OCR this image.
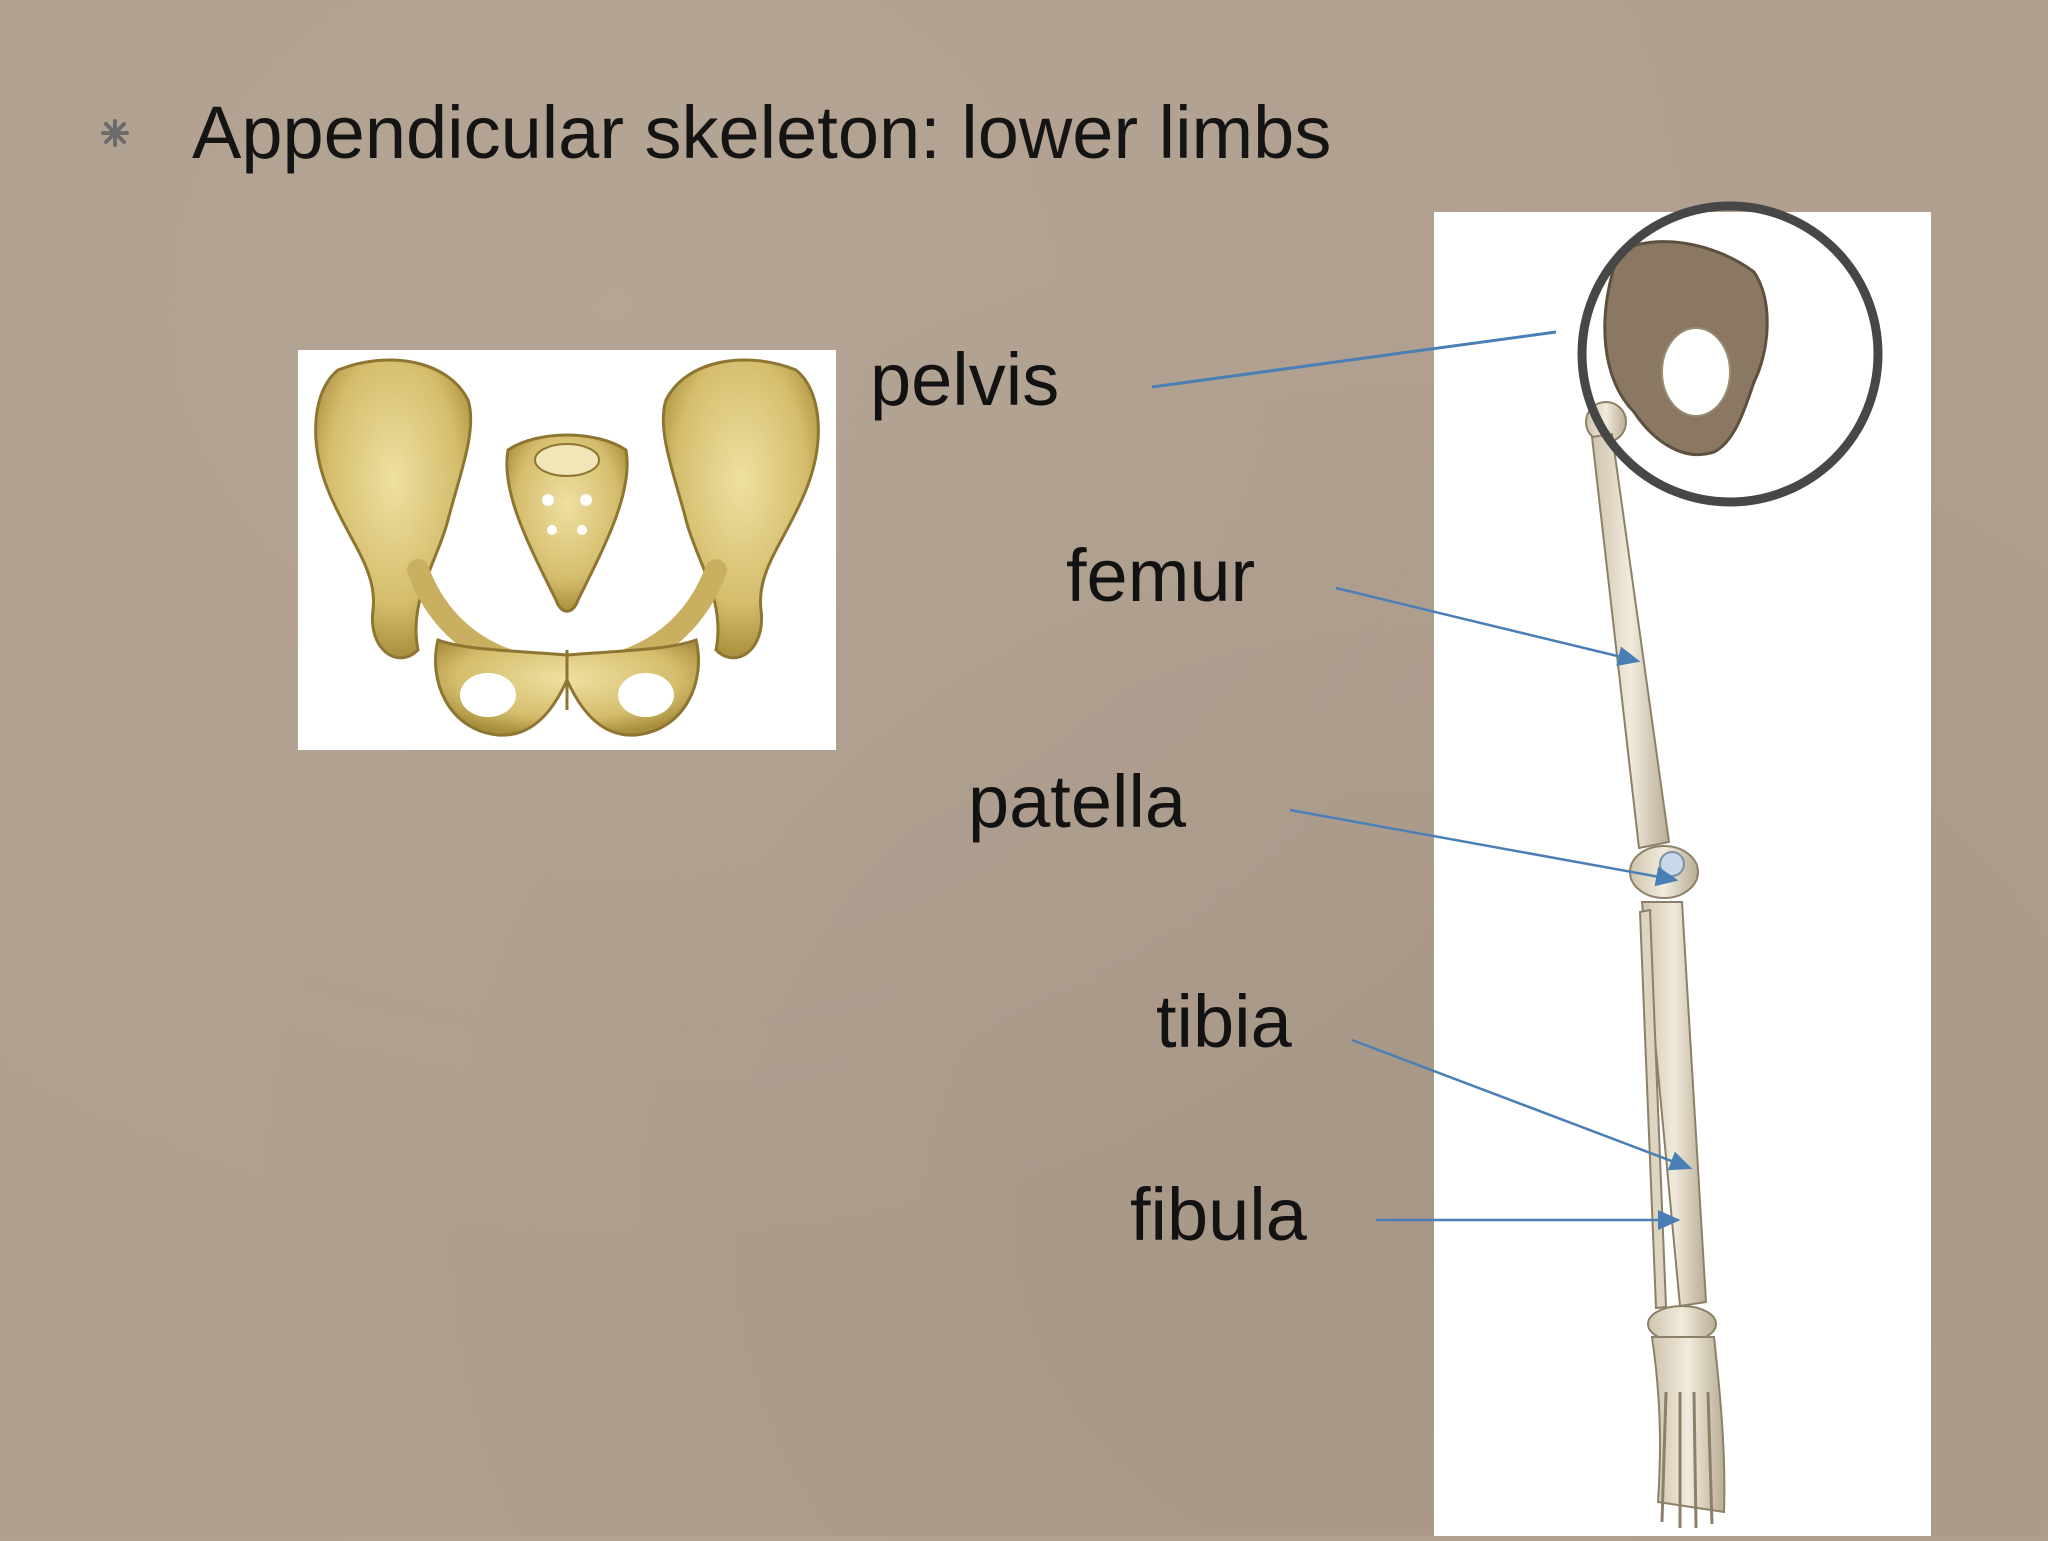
Appendicular skeleton: lower limbs
pelvis
femur
patella
tibia
fibula
